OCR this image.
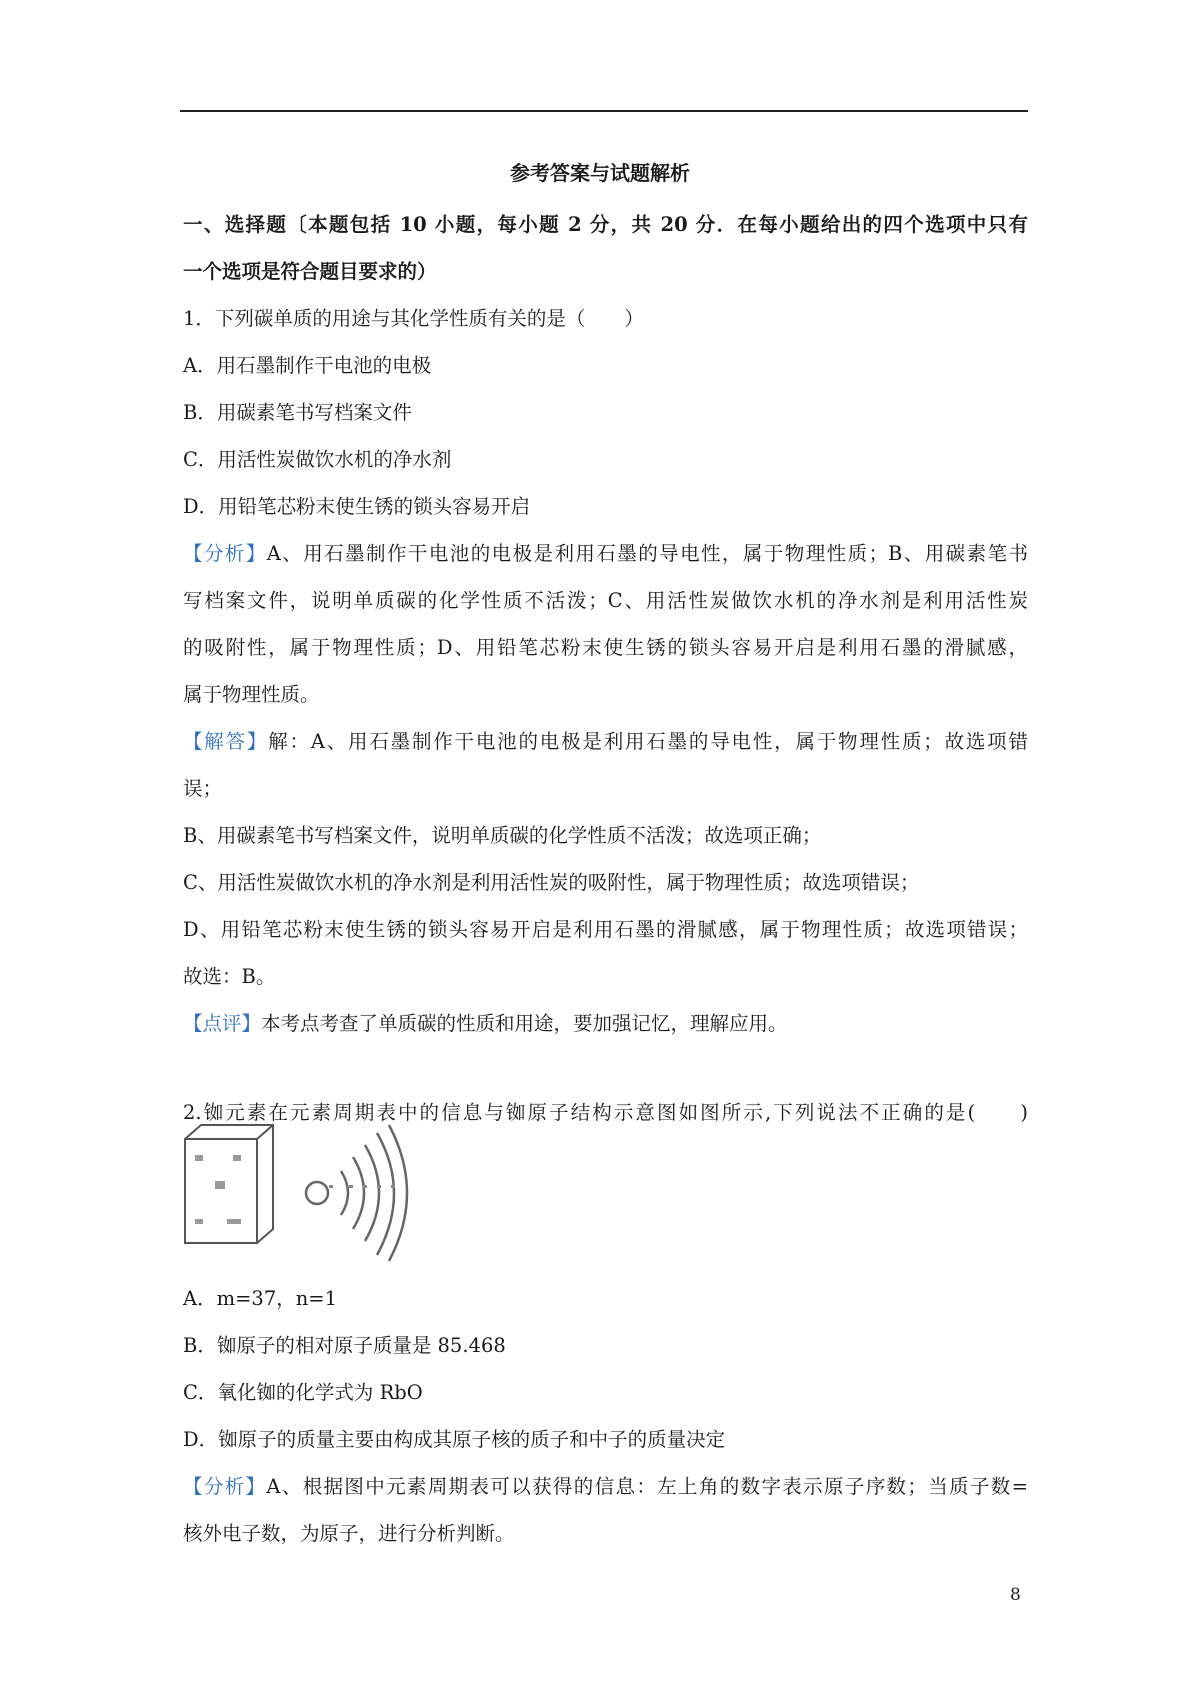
参考答案与试题解析
一、选择题〔本题包括 10 小题，每小题 2 分，共 20 分．在每小题给出的四个选项中只有
一个选项是符合题目要求的）
1．下列碳单质的用途与其化学性质有关的是（　　）
A．用石墨制作干电池的电极
B．用碳素笔书写档案文件
C．用活性炭做饮水机的净水剂
D．用铅笔芯粉末使生锈的锁头容易开启
【分析】A、用石墨制作干电池的电极是利用石墨的导电性，属于物理性质；B、用碳素笔书
写档案文件，说明单质碳的化学性质不活泼；C、用活性炭做饮水机的净水剂是利用活性炭
的吸附性，属于物理性质；D、用铅笔芯粉末使生锈的锁头容易开启是利用石墨的滑腻感，
属于物理性质。
【解答】解：A、用石墨制作干电池的电极是利用石墨的导电性，属于物理性质；故选项错
误；
B、用碳素笔书写档案文件，说明单质碳的化学性质不活泼；故选项正确；
C、用活性炭做饮水机的净水剂是利用活性炭的吸附性，属于物理性质；故选项错误；
D、用铅笔芯粉末使生锈的锁头容易开启是利用石墨的滑腻感，属于物理性质；故选项错误；
故选：B。
【点评】本考点考查了单质碳的性质和用途，要加强记忆，理解应用。
2.铷元素在元素周期表中的信息与铷原子结构示意图如图所示,下列说法不正确的是(　　)
A．m=37，n=1
B．铷原子的相对原子质量是 85.468
C．氧化铷的化学式为 RbO
D．铷原子的质量主要由构成其原子核的质子和中子的质量决定
【分析】A、根据图中元素周期表可以获得的信息：左上角的数字表示原子序数；当质子数=
核外电子数，为原子，进行分析判断。
8
